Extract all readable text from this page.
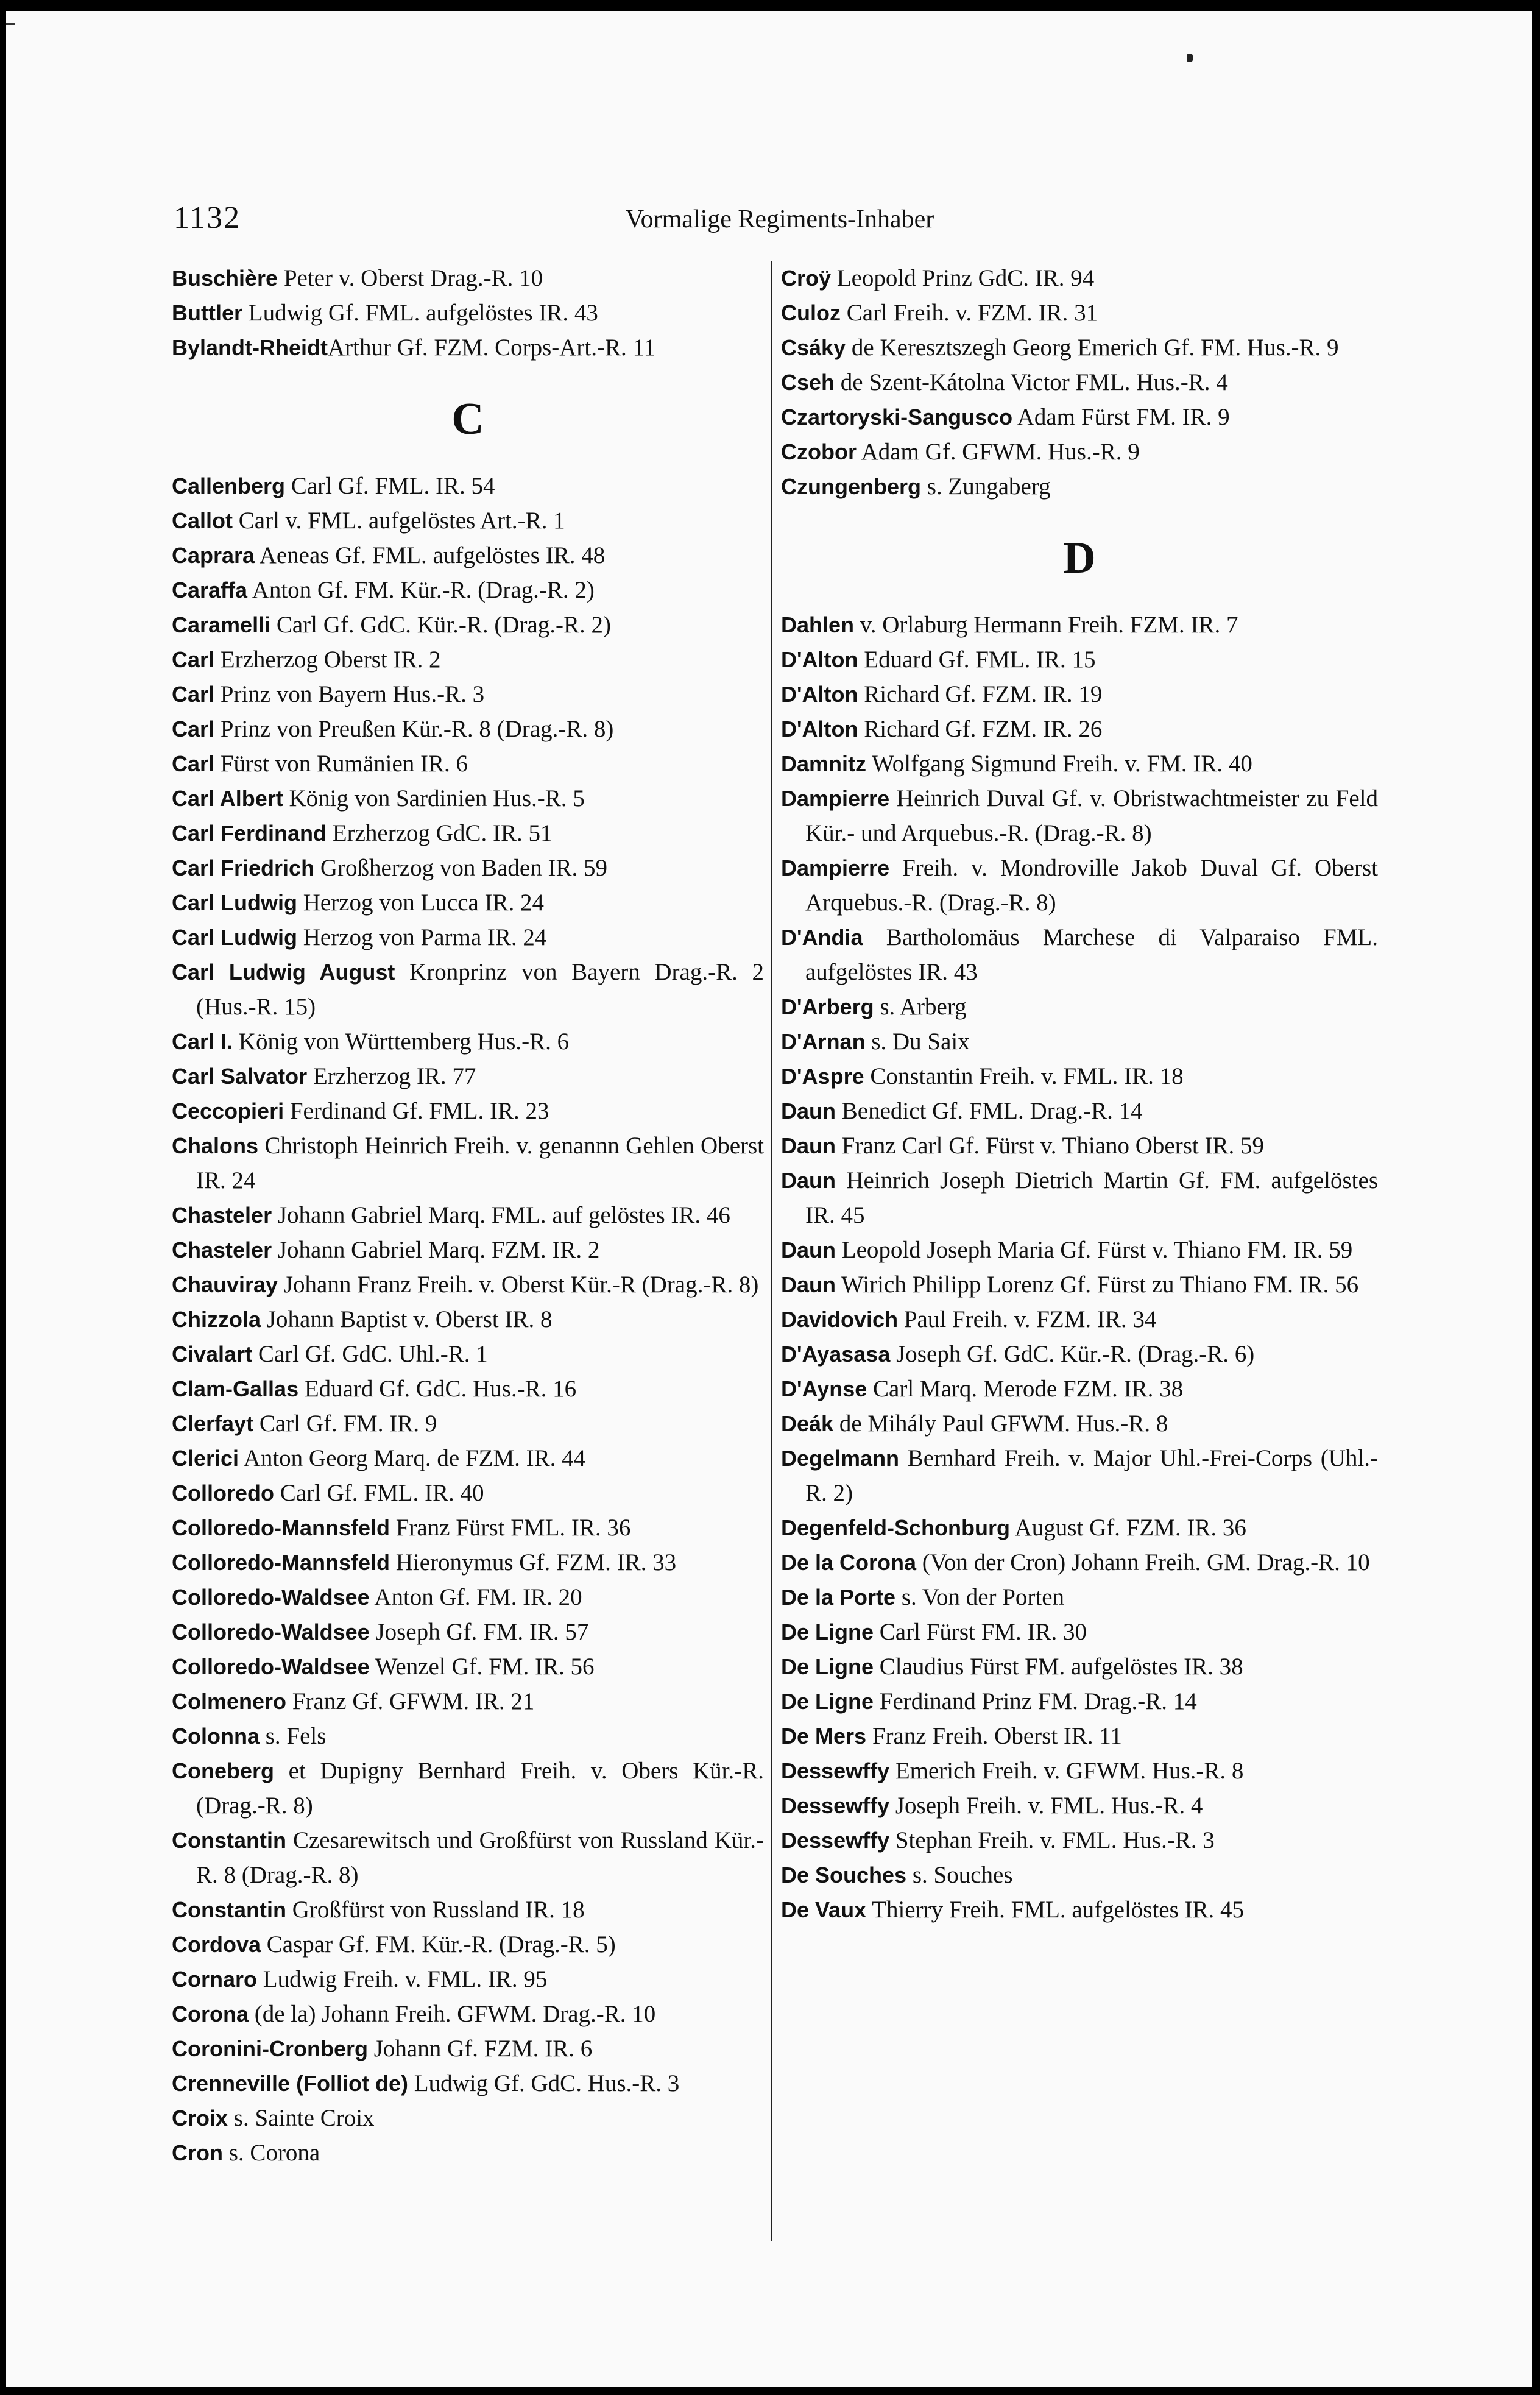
1132	Vormalige Regiments-Inhaber

Buschière Peter v. Oberst Drag.-R. 10

Buttler Ludwig Gf. FML. aufgelöstes IR. 43

Bylandt-RheidtArthur Gf. FZM. Corps-Art.-R. 11

C

Callenberg Carl Gf. FML. IR. 54

Callot Carl v. FML. aufgelöstes Art.-R. 1

Caprara Aeneas Gf. FML. aufgelöstes IR. 48

Caraffa Anton Gf. FM. Kür.-R. (Drag.-R. 2)

Caramelli Carl Gf. GdC. Kür.-R. (Drag.-R. 2)

Carl Erzherzog Oberst IR. 2

Carl Prinz von Bayern Hus.-R. 3

Carl Prinz von Preußen Kür.-R. 8 (Drag.-R. 8)

Carl Fürst von Rumänien IR. 6

Carl Albert König von Sardinien Hus.-R. 5

Carl Ferdinand Erzherzog GdC. IR. 51

Carl Friedrich Großherzog von Baden IR. 59

Carl Ludwig Herzog von Lucca IR. 24

Carl Ludwig Herzog von Parma IR. 24

Carl Ludwig August Kronprinz von Bayern Drag.-R. 2 (Hus.-R. 15)

Carl I. König von Württemberg Hus.-R. 6

Carl Salvator Erzherzog IR. 77

Ceccopieri Ferdinand Gf. FML. IR. 23

Chalons Christoph Heinrich Freih. v. genannn Gehlen Oberst IR. 24

Chasteler Johann Gabriel Marq. FML. auf gelöstes IR. 46

Chasteler Johann Gabriel Marq. FZM. IR. 2

Chauviray Johann Franz Freih. v. Oberst Kür.-R (Drag.-R. 8)

Chizzola Johann Baptist v. Oberst IR. 8

Civalart Carl Gf. GdC. Uhl.-R. 1

Clam-Gallas Eduard Gf. GdC. Hus.-R. 16

Clerfayt Carl Gf. FM. IR. 9

Clerici Anton Georg Marq. de FZM. IR. 44

Colloredo Carl Gf. FML. IR. 40

Colloredo-Mannsfeld Franz Fürst FML. IR. 36

Colloredo-Mannsfeld Hieronymus Gf. FZM. IR. 33

Colloredo-Waldsee Anton Gf. FM. IR. 20

Colloredo-Waldsee Joseph Gf. FM. IR. 57

Colloredo-Waldsee Wenzel Gf. FM. IR. 56

Colmenero Franz Gf. GFWM. IR. 21

Colonna s. Fels

Coneberg et Dupigny Bernhard Freih. v. Obers Kür.-R. (Drag.-R. 8)

Constantin Czesarewitsch und Großfürst von Russland Kür.-R. 8 (Drag.-R. 8)

Constantin Großfürst von Russland IR. 18

Cordova Caspar Gf. FM. Kür.-R. (Drag.-R. 5)

Cornaro Ludwig Freih. v. FML. IR. 95

Corona (de la) Johann Freih. GFWM. Drag.-R. 10

Coronini-Cronberg Johann Gf. FZM. IR. 6

Crenneville (Folliot de) Ludwig Gf. GdC. Hus.-R. 3

Croix s. Sainte Croix

Cron s. Corona

Croÿ Leopold Prinz GdC. IR. 94

Culoz Carl Freih. v. FZM. IR. 31

Csáky de Keresztszegh Georg Emerich Gf. FM. Hus.-R. 9

Cseh de Szent-Kátolna Victor FML. Hus.-R. 4

Czartoryski-Sangusco Adam Fürst FM. IR. 9

Czobor Adam Gf. GFWM. Hus.-R. 9

Czungenberg s. Zungaberg

D

Dahlen v. Orlaburg Hermann Freih. FZM. IR. 7

D'Alton Eduard Gf. FML. IR. 15

D'Alton Richard Gf. FZM. IR. 19

D'Alton Richard Gf. FZM. IR. 26

Damnitz Wolfgang Sigmund Freih. v. FM. IR. 40

Dampierre Heinrich Duval Gf. v. Obristwachtmeister zu Feld Kür.- und Arquebus.-R. (Drag.-R. 8)

Dampierre Freih. v. Mondroville Jakob Duval Gf. Oberst Arquebus.-R. (Drag.-R. 8)

D'Andia Bartholomäus Marchese di Valparaiso FML. aufgelöstes IR. 43

D'Arberg s. Arberg

D'Arnan s. Du Saix

D'Aspre Constantin Freih. v. FML. IR. 18

Daun Benedict Gf. FML. Drag.-R. 14

Daun Franz Carl Gf. Fürst v. Thiano Oberst IR. 59

Daun Heinrich Joseph Dietrich Martin Gf. FM. aufgelöstes IR. 45

Daun Leopold Joseph Maria Gf. Fürst v. Thiano FM. IR. 59

Daun Wirich Philipp Lorenz Gf. Fürst zu Thiano FM. IR. 56

Davidovich Paul Freih. v. FZM. IR. 34

D'Ayasasa Joseph Gf. GdC. Kür.-R. (Drag.-R. 6)

D'Aynse Carl Marq. Merode FZM. IR. 38

Deák de Mihály Paul GFWM. Hus.-R. 8

Degelmann Bernhard Freih. v. Major Uhl.-Frei-Corps (Uhl.-R. 2)

Degenfeld-Schonburg August Gf. FZM. IR. 36

De la Corona (Von der Cron) Johann Freih. GM. Drag.-R. 10

De la Porte s. Von der Porten

De Ligne Carl Fürst FM. IR. 30

De Ligne Claudius Fürst FM. aufgelöstes IR. 38

De Ligne Ferdinand Prinz FM. Drag.-R. 14

De Mers Franz Freih. Oberst IR. 11

Dessewffy Emerich Freih. v. GFWM. Hus.-R. 8

Dessewffy Joseph Freih. v. FML. Hus.-R. 4

Dessewffy Stephan Freih. v. FML. Hus.-R. 3

De Souches s. Souches

De Vaux Thierry Freih. FML. aufgelöstes IR. 45
